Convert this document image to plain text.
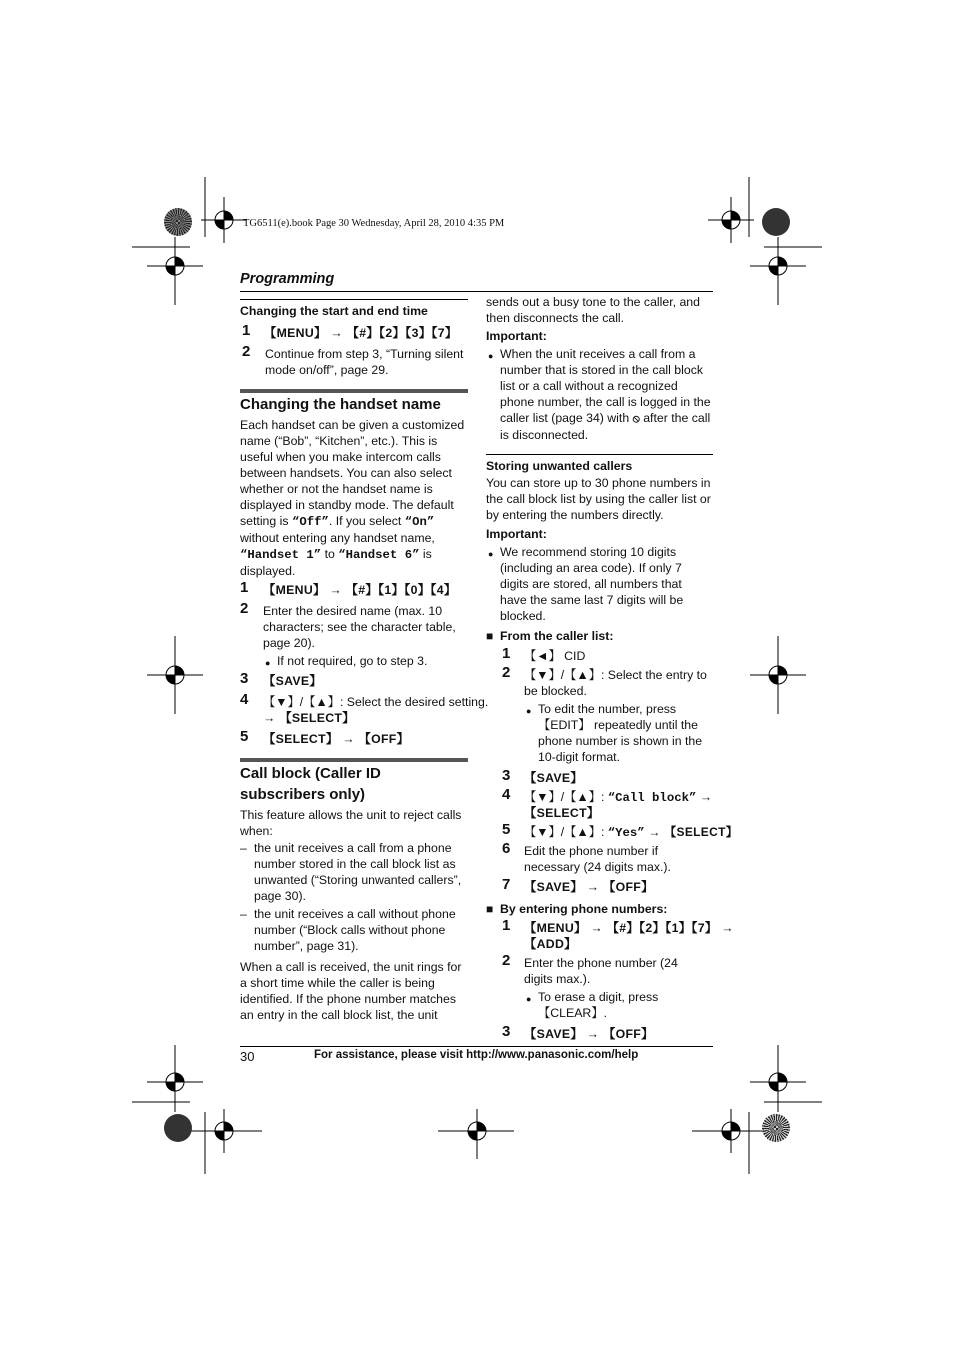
TG6511(e).book Page 30 Wednesday, April 28, 2010 4:35 PM
Programming
Changing the start and end time
1 【MENU】 → 【#】【2】【3】【7】
2 Continue from step 3, “Turning silent mode on/off”, page 29.
Changing the handset name
Each handset can be given a customized name (“Bob”, “Kitchen”, etc.). This is useful when you make intercom calls between handsets. You can also select whether or not the handset name is displayed in standby mode. The default setting is “Off”. If you select “On” without entering any handset name, “Handset 1” to “Handset 6” is displayed.
1 【MENU】 → 【#】【1】【0】【4】
2 Enter the desired name (max. 10 characters; see the character table, page 20).
● If not required, go to step 3.
3 【SAVE】
4 【▼】/【▲】: Select the desired setting.
→ 【SELECT】
5 【SELECT】 → 【OFF】
Call block (Caller ID
subscribers only)
This feature allows the unit to reject calls when:
– the unit receives a call from a phone number stored in the call block list as unwanted (“Storing unwanted callers”, page 30).
– the unit receives a call without phone number (“Block calls without phone number”, page 31).
When a call is received, the unit rings for a short time while the caller is being identified. If the phone number matches an entry in the call block list, the unit
sends out a busy tone to the caller, and then disconnects the call.
Important:
● When the unit receives a call from a number that is stored in the call block list or a call without a recognized phone number, the call is logged in the caller list (page 34) with ⦸ after the call is disconnected.
Storing unwanted callers
You can store up to 30 phone numbers in the call block list by using the caller list or by entering the numbers directly.
Important:
● We recommend storing 10 digits (including an area code). If only 7 digits are stored, all numbers that have the same last 7 digits will be blocked.
■ From the caller list:
1 【◄】 CID
2 【▼】/【▲】: Select the entry to be blocked.
● To edit the number, press 【EDIT】 repeatedly until the phone number is shown in the 10-digit format.
3 【SAVE】
4 【▼】/【▲】: “Call block” →
【SELECT】
5 【▼】/【▲】: “Yes” → 【SELECT】
6 Edit the phone number if necessary (24 digits max.).
7 【SAVE】 → 【OFF】
■ By entering phone numbers:
1 【MENU】 → 【#】【2】【1】【7】 →
【ADD】
2 Enter the phone number (24 digits max.).
● To erase a digit, press 【CLEAR】.
3 【SAVE】 → 【OFF】
30	For assistance, please visit http://www.panasonic.com/help
